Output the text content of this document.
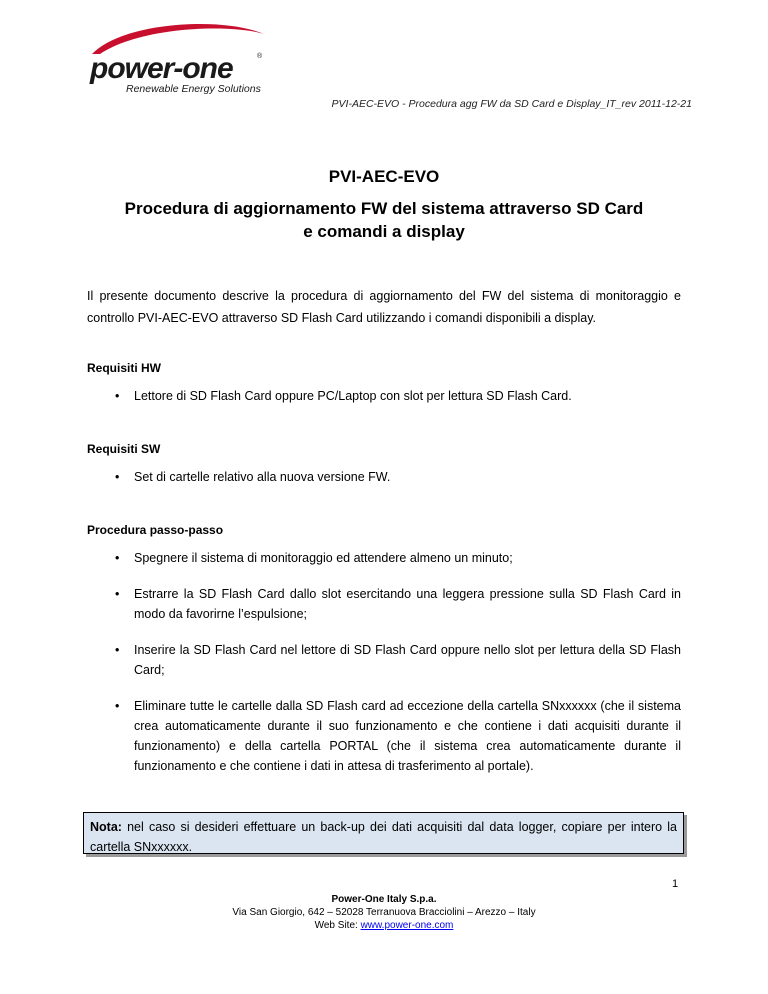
power-one	®
Renewable Energy Solutions
PVI-AEC-EVO - Procedura agg FW da SD Card e Display_IT_rev 2011-12-21
PVI-AEC-EVO
Procedura di aggiornamento FW del sistema attraverso SD Card
e comandi a display
Il presente documento descrive la procedura di aggiornamento del FW del sistema di monitoraggio e controllo PVI-AEC-EVO attraverso SD Flash Card utilizzando i comandi disponibili a display.
Requisiti HW
•	Lettore di SD Flash Card oppure PC/Laptop con slot per lettura SD Flash Card.
Requisiti SW
•	Set di cartelle relativo alla nuova versione FW.
Procedura passo-passo
•	Spegnere il sistema di monitoraggio ed attendere almeno un minuto;
•	Estrarre la SD Flash Card dallo slot esercitando una leggera pressione sulla SD Flash Card in modo da favorirne l’espulsione;
•	Inserire la SD Flash Card nel lettore di SD Flash Card oppure nello slot per lettura della SD Flash Card;
•	Eliminare tutte le cartelle dalla SD Flash card ad eccezione della cartella SNxxxxxx (che il sistema crea automaticamente durante il suo funzionamento e che contiene i dati acquisiti durante il funzionamento) e della cartella PORTAL (che il sistema crea automaticamente durante il funzionamento e che contiene i dati in attesa di trasferimento al portale).
Nota: nel caso si desideri effettuare un back-up dei dati acquisiti dal data logger, copiare per intero la cartella SNxxxxxx.
1
Power-One Italy S.p.a.
Via San Giorgio, 642 – 52028 Terranuova Bracciolini – Arezzo – Italy
Web Site: www.power-one.com
